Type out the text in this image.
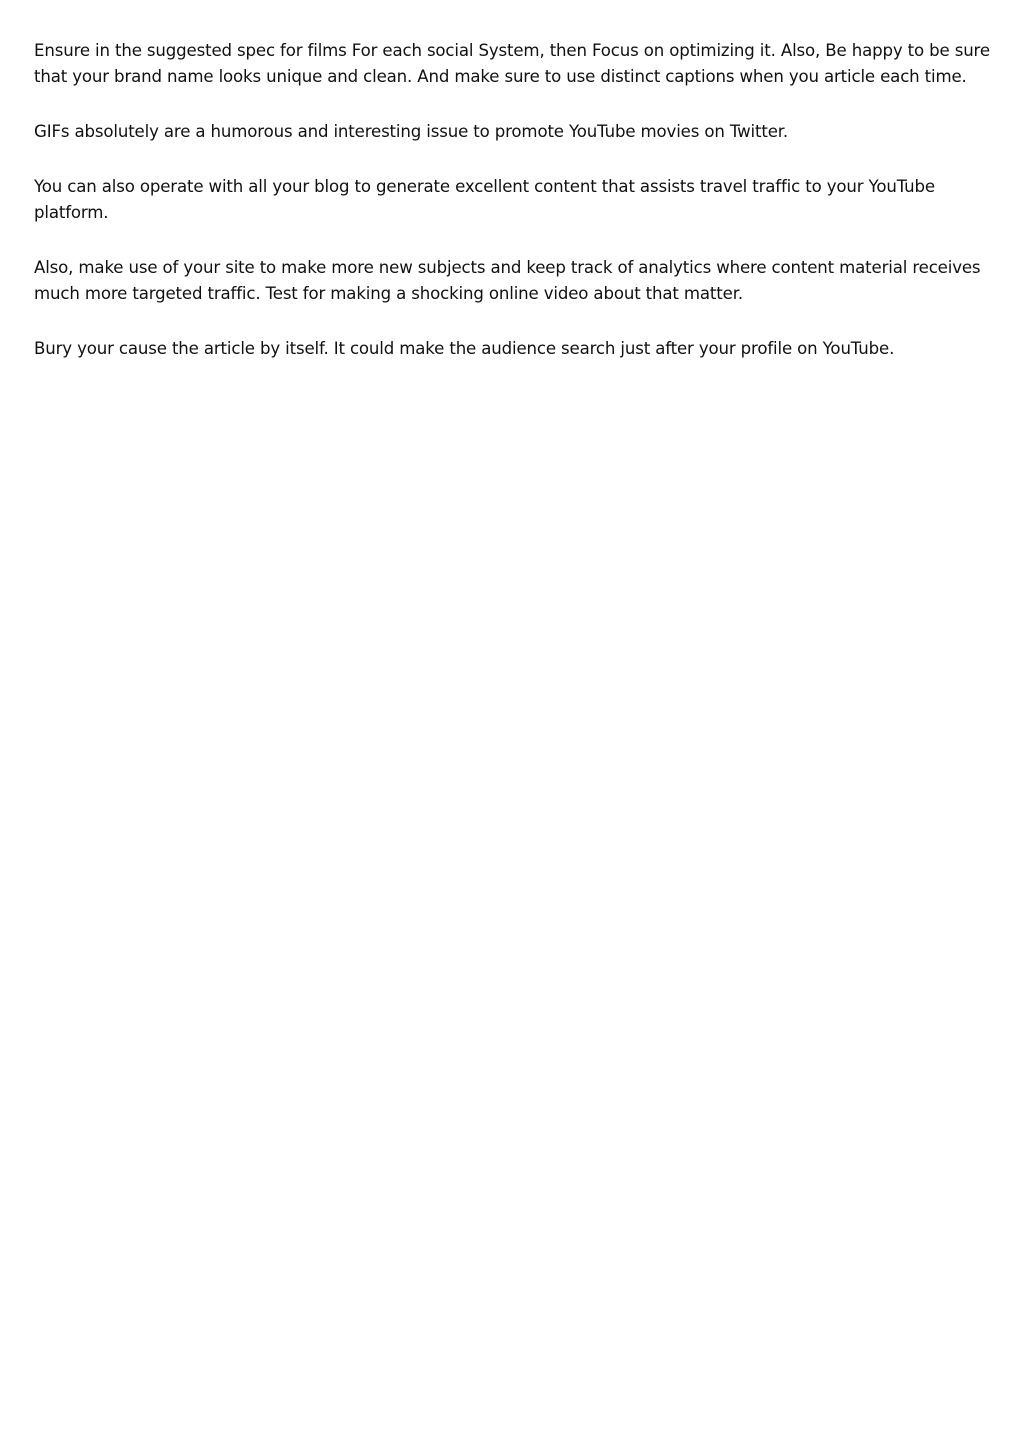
Ensure in the suggested spec for films For each social System, then Focus on optimizing it. Also, Be happy to be sure that your brand name looks unique and clean. And make sure to use distinct captions when you article each time.

GIFs absolutely are a humorous and interesting issue to promote YouTube movies on Twitter.

You can also operate with all your blog to generate excellent content that assists travel traffic to your YouTube platform.

Also, make use of your site to make more new subjects and keep track of analytics where content material receives much more targeted traffic. Test for making a shocking online video about that matter.

Bury your cause the article by itself. It could make the audience search just after your profile on YouTube.
